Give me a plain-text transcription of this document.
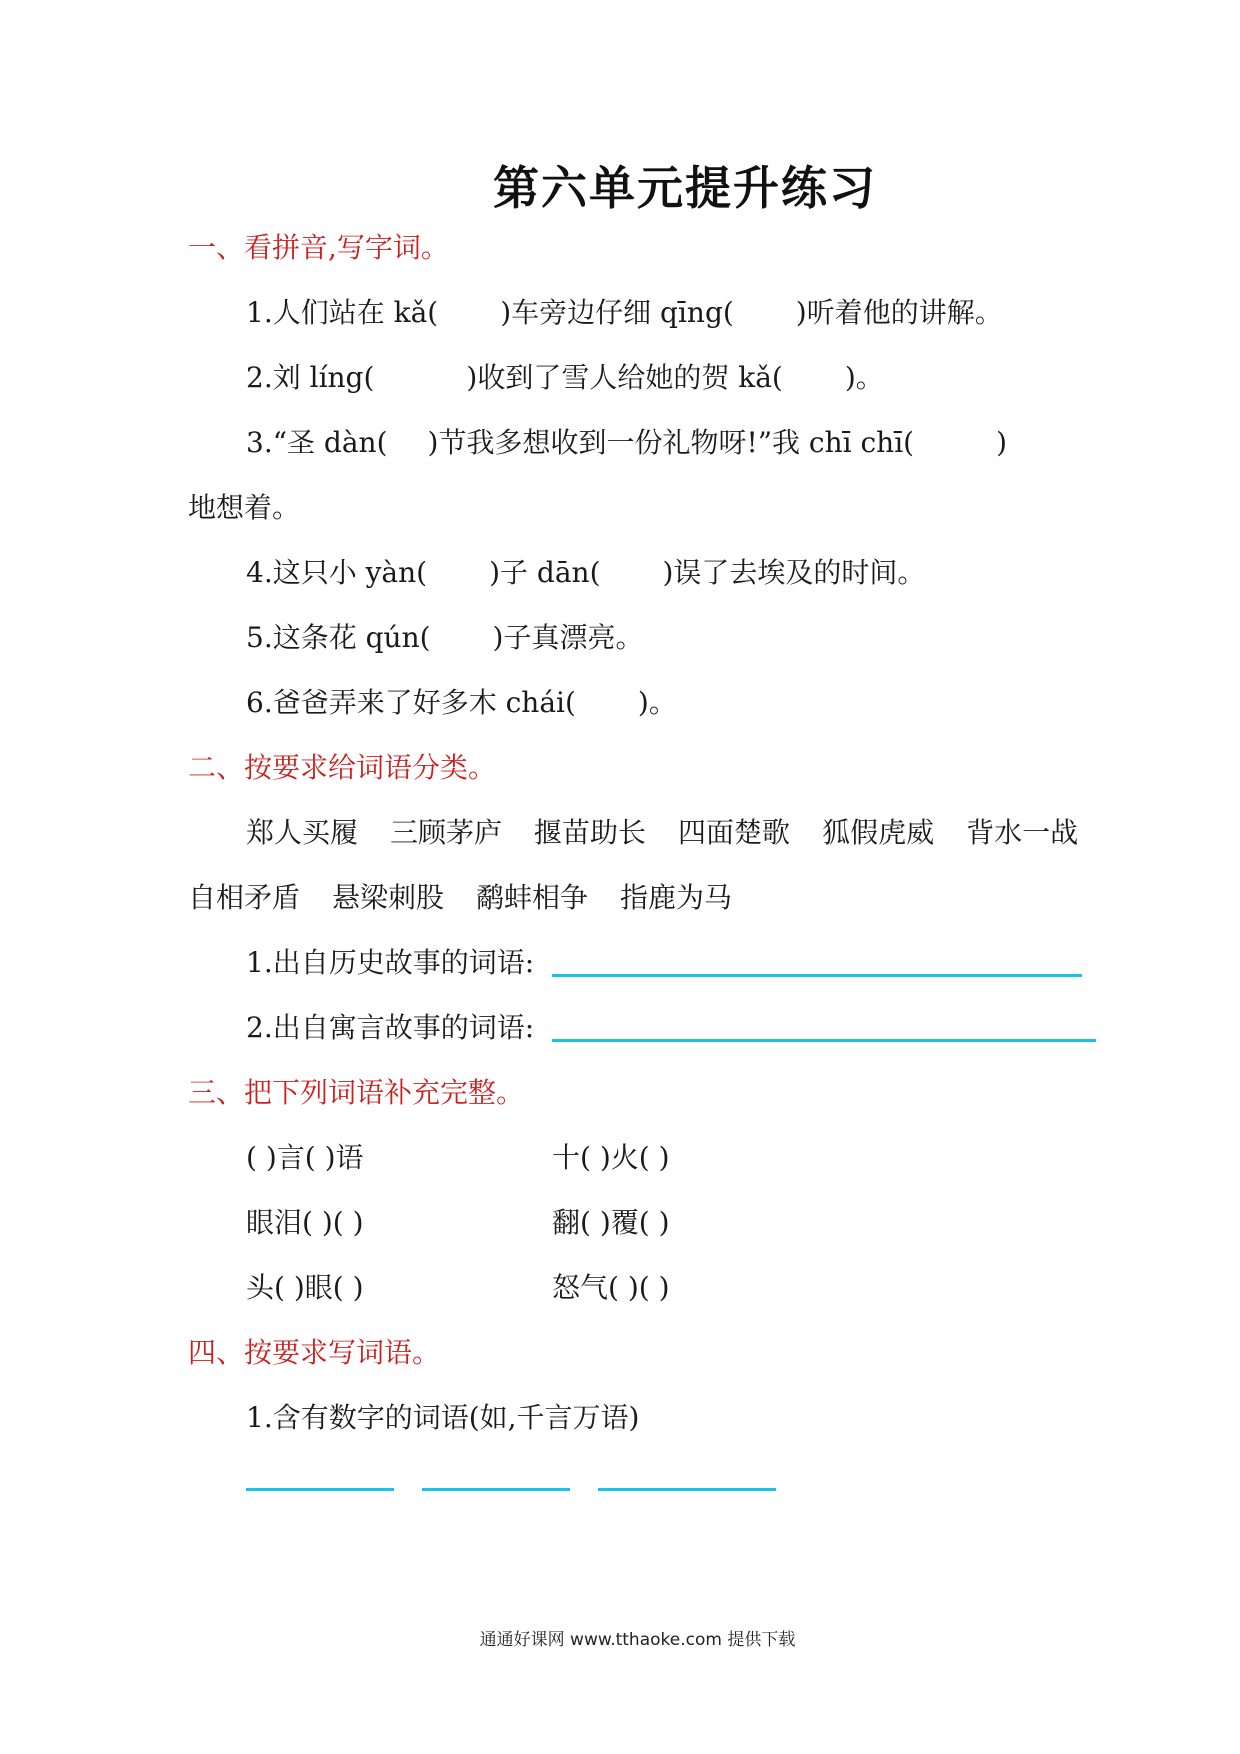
第六单元提升练习
一、看拼音,写字词。
1.人们站在 kǎ( )车旁边仔细 qīng( )听着他的讲解。
2.刘 líng(	)收到了雪人给她的贺 kǎ( )。
3.“圣 dàn( )节我多想收到一份礼物呀!”我 chī chī(	)
地想着。
4.这只小 yàn( )子 dān( )误了去埃及的时间。
5.这条花 qún( )子真漂亮。
6.爸爸弄来了好多木 chái( )。
二、按要求给词语分类。
郑人买履 三顾茅庐 揠苗助长 四面楚歌 狐假虎威 背水一战
自相矛盾 悬梁刺股 鹬蚌相争 指鹿为马
1.出自历史故事的词语:
2.出自寓言故事的词语:
三、把下列词语补充完整。
( )言( )语	十( )火( )
眼泪( )( )	翻( )覆( )
头( )眼( )	怒气( )( )
四、按要求写词语。
1.含有数字的词语(如,千言万语)
通通好课网 www.tthaoke.com 提供下载
